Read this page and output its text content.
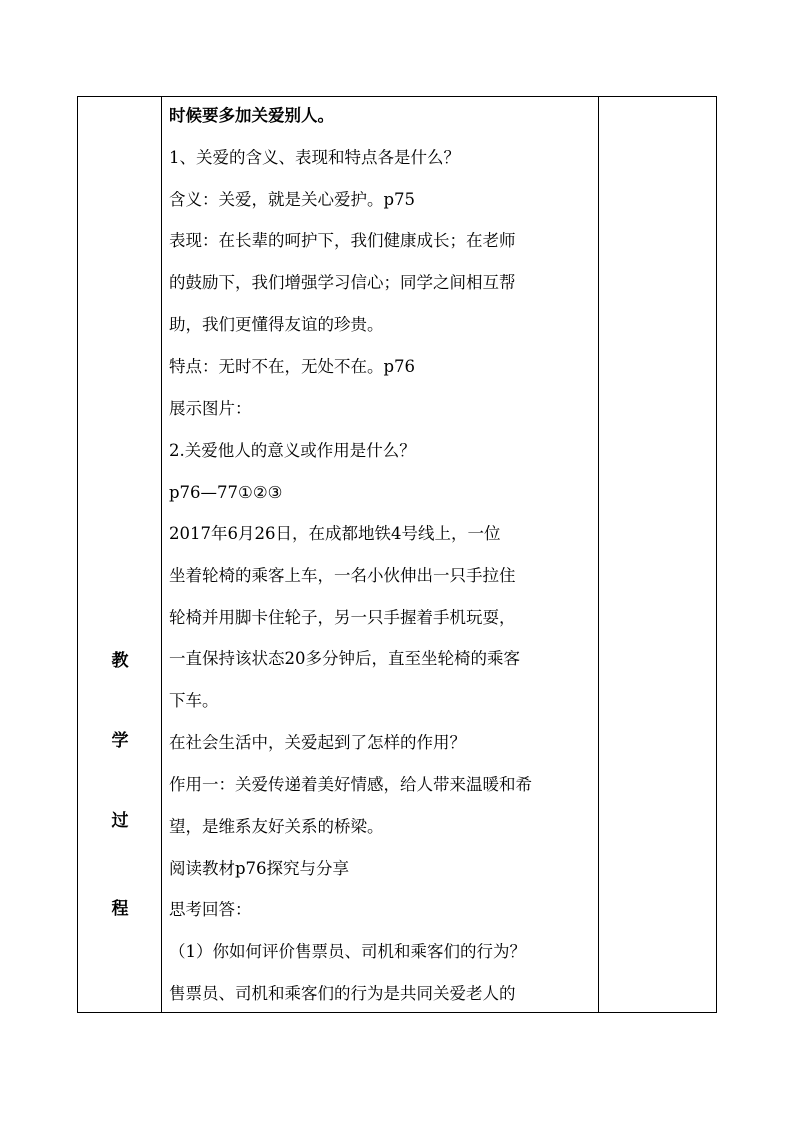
教
学
过
程
时候要多加关爱别人。
1、关爱的含义、表现和特点各是什么？
含义：关爱，就是关心爱护。p75
表现：在长辈的呵护下，我们健康成长；在老师
的鼓励下，我们增强学习信心；同学之间相互帮
助，我们更懂得友谊的珍贵。
特点：无时不在，无处不在。p76
展示图片：
2.关爱他人的意义或作用是什么？
p76—77①②③
2017年6月26日，在成都地铁4号线上，一位
坐着轮椅的乘客上车，一名小伙伸出一只手拉住
轮椅并用脚卡住轮子，另一只手握着手机玩耍，
一直保持该状态20多分钟后，直至坐轮椅的乘客
下车。
在社会生活中，关爱起到了怎样的作用？
作用一：关爱传递着美好情感，给人带来温暖和希
望，是维系友好关系的桥梁。
阅读教材p76探究与分享
思考回答：
（1）你如何评价售票员、司机和乘客们的行为？
售票员、司机和乘客们的行为是共同关爱老人的
